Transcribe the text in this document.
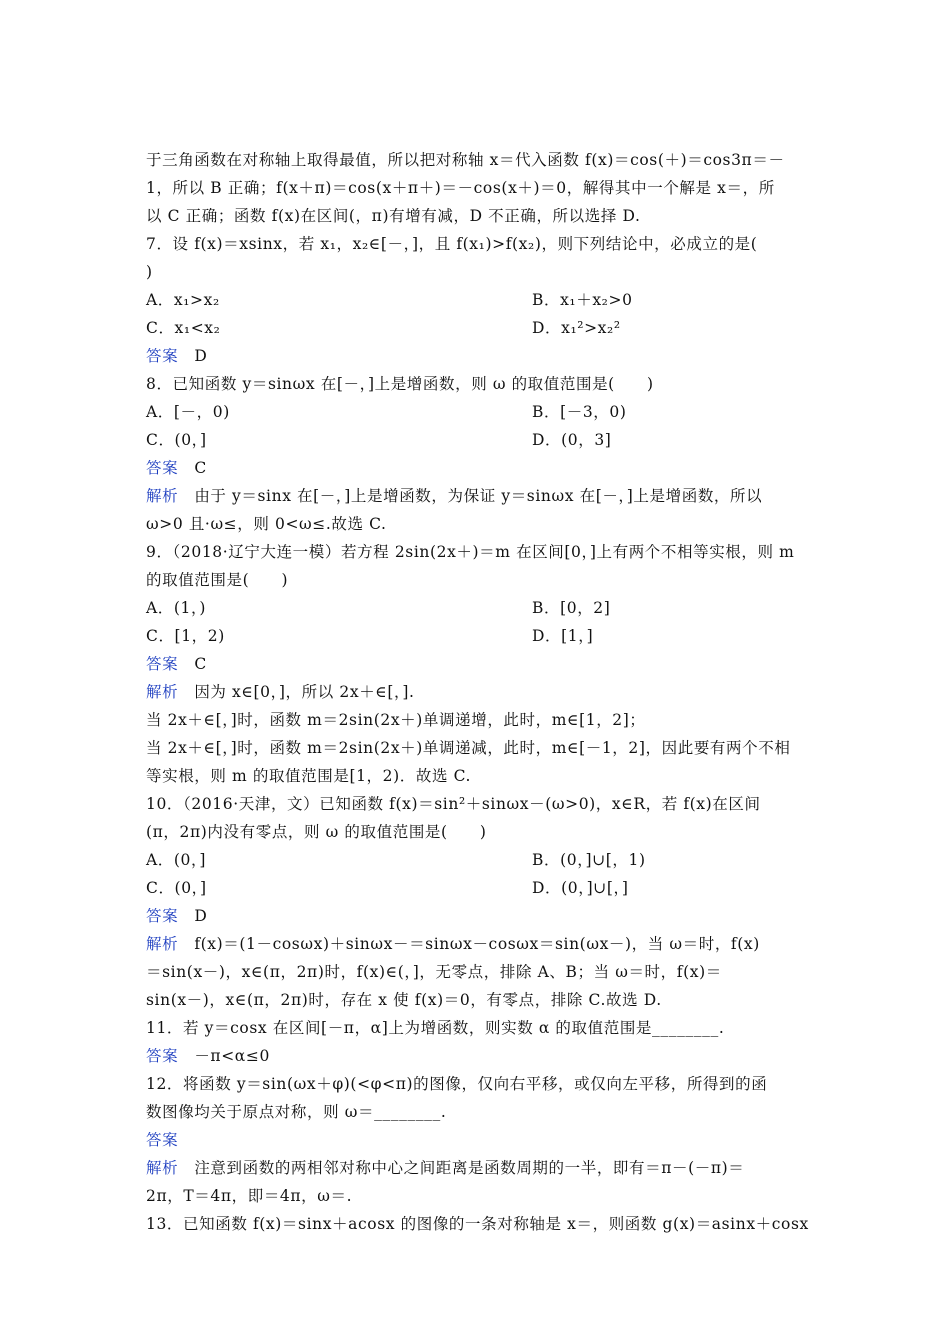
于三角函数在对称轴上取得最值，所以把对称轴 x＝代入函数 f(x)＝cos(＋)＝cos3π＝－
1，所以 B 正确；f(x＋π)＝cos(x＋π＋)＝－cos(x＋)＝0，解得其中一个解是 x＝，所
以 C 正确；函数 f(x)在区间(，π)有增有减，D 不正确，所以选择 D.
7．设 f(x)＝xsinx，若 x₁，x₂∈[－，]，且 f(x₁)>f(x₂)，则下列结论中，必成立的是(
)
A．x₁>x₂	B．x₁＋x₂>0
C．x₁<x₂	D．x₁²>x₂²
答案　 D
8．已知函数 y＝sinωx 在[－，]上是增函数，则 ω 的取值范围是(　　)
A．[－，0)	B．[－3，0)
C．(0，]	D．(0，3]
答案　 C
解析　 由于 y＝sinx 在[－，]上是增函数，为保证 y＝sinωx 在[－，]上是增函数，所以
ω>0 且·ω≤，则 0<ω≤.故选 C.
9．（2018·辽宁大连一模）若方程 2sin(2x＋)＝m 在区间[0，]上有两个不相等实根，则 m
的取值范围是(　　)
A．(1，)	B．[0，2]
C．[1，2)	D．[1，]
答案　 C
解析　 因为 x∈[0，]，所以 2x＋∈[，].
当 2x＋∈[，]时，函数 m＝2sin(2x＋)单调递增，此时，m∈[1，2]；
当 2x＋∈[，]时，函数 m＝2sin(2x＋)单调递减，此时，m∈[－1，2]，因此要有两个不相
等实根，则 m 的取值范围是[1，2)．故选 C.
10．（2016·天津，文）已知函数 f(x)＝sin²＋sinωx－(ω>0)，x∈R，若 f(x)在区间
(π，2π)内没有零点，则 ω 的取值范围是(　　)
A．(0，]	B．(0，]∪[，1)
C．(0，]	D．(0，]∪[，]
答案　 D
解析　 f(x)＝(1－cosωx)＋sinωx－＝sinωx－cosωx＝sin(ωx－)，当 ω＝时，f(x)
＝sin(x－)，x∈(π，2π)时，f(x)∈(，]，无零点，排除 A、B；当 ω＝时，f(x)＝
sin(x－)，x∈(π，2π)时，存在 x 使 f(x)＝0，有零点，排除 C.故选 D.
11．若 y＝cosx 在区间[－π，α]上为增函数，则实数 α 的取值范围是________.
答案　 －π<α≤0
12．将函数 y＝sin(ωx＋φ)(<φ<π)的图像，仅向右平移，或仅向左平移，所得到的函
数图像均关于原点对称，则 ω＝________.
答案
解析　 注意到函数的两相邻对称中心之间距离是函数周期的一半，即有＝π－(－π)＝
2π，T＝4π，即＝4π，ω＝.
13．已知函数 f(x)＝sinx＋acosx 的图像的一条对称轴是 x＝，则函数 g(x)＝asinx＋cosx
